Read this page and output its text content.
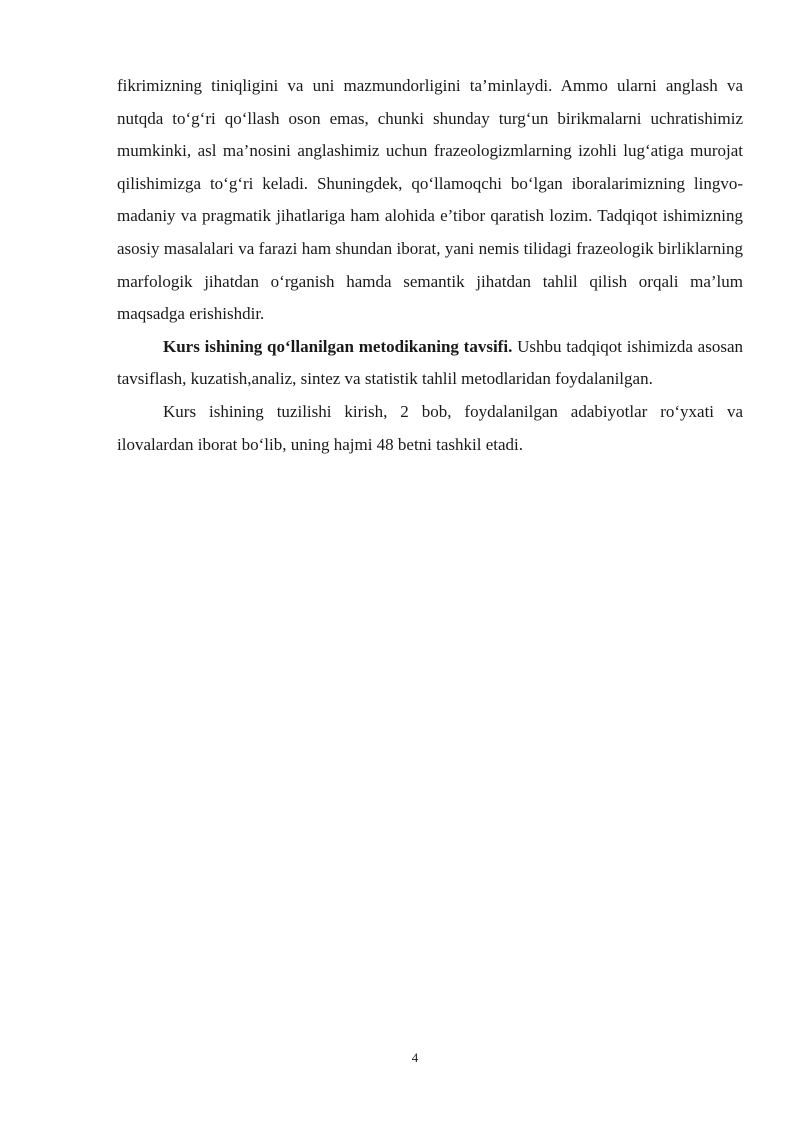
fikrimizning tiniqligini va uni mazmundorligini ta’minlaydi. Ammo ularni anglash va nutqda to‘g‘ri qo‘llash oson emas, chunki shunday turg‘un birikmalarni uchratishimiz mumkinki, asl ma’nosini anglashimiz uchun frazeologizmlarning izohli lug‘atiga murojat qilishimizga to‘g‘ri keladi. Shuningdek, qo‘llamoqchi bo‘lgan iboralarimizning lingvo-madaniy va pragmatik jihatlariga ham alohida e’tibor qaratish lozim. Tadqiqot ishimizning asosiy masalalari va farazi ham shundan iborat, yani nemis tilidagi frazeologik birliklarning marfologik jihatdan o‘rganish hamda semantik jihatdan tahlil qilish orqali ma’lum maqsadga erishishdir.

Kurs ishining qo‘llanilgan metodikaning tavsifi. Ushbu tadqiqot ishimizda asosan tavsiflash, kuzatish,analiz, sintez va statistik tahlil metodlaridan foydalanilgan.

Kurs ishining tuzilishi kirish, 2 bob, foydalanilgan adabiyotlar ro‘yxati va ilovalardan iborat bo‘lib, uning hajmi 48 betni tashkil etadi.

4
